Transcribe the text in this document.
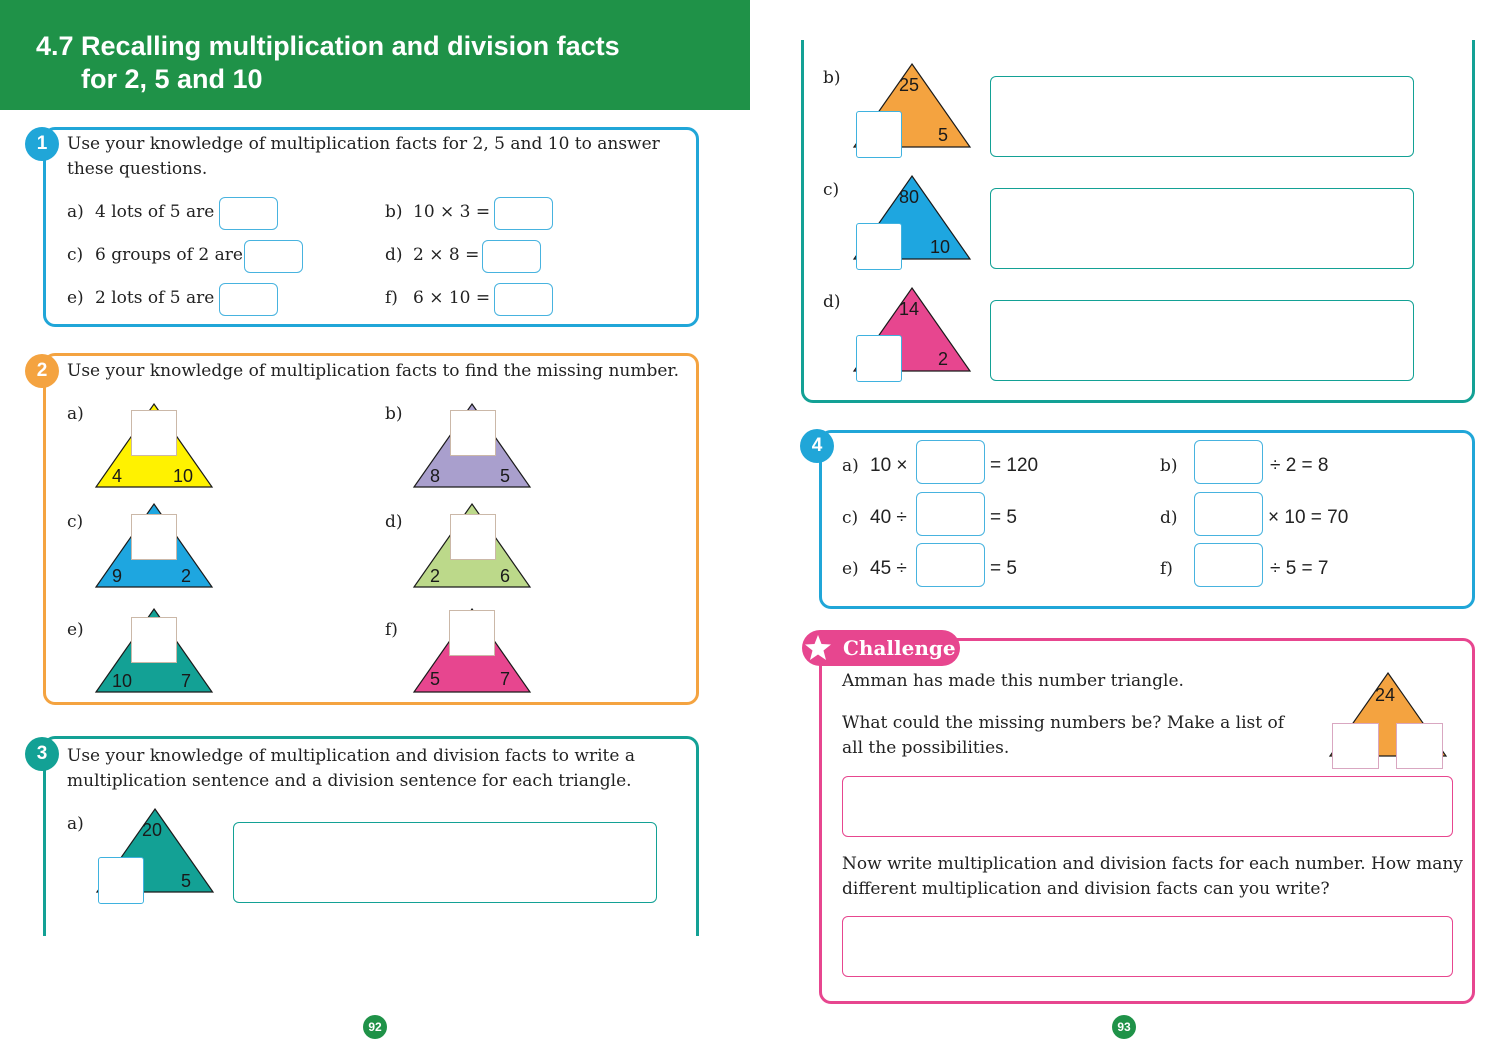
4.7 Recalling multiplication and division facts
for 2, 5 and 10
1	Use your knowledge of multiplication facts for 2, 5 and 10 to answer
these questions.
a) 4 lots of 5 are	b) 10 × 3 =
c) 6 groups of 2 are	d) 2 × 8 =
e) 2 lots of 5 are	f) 6 × 10 =
2	Use your knowledge of multiplication facts to find the missing number.
a)
4	10
b)
8	5
c)
9	2
d)
2	6
e)
10	7
f)
5	7
3	Use your knowledge of multiplication and division facts to write a
multiplication sentence and a division sentence for each triangle.
a)	20
5
b)	25
5
c)	80
10
d)	14
2
4
a) 10 ×	= 120	b)	÷ 2 = 8
c) 40 ÷	= 5	d)	× 10 = 70
e) 45 ÷	= 5	f)	÷ 5 = 7
Challenge
Amman has made this number triangle.
What could the missing numbers be? Make a list of
all the possibilities.
24
Now write multiplication and division facts for each number. How many
different multiplication and division facts can you write?
92	93
